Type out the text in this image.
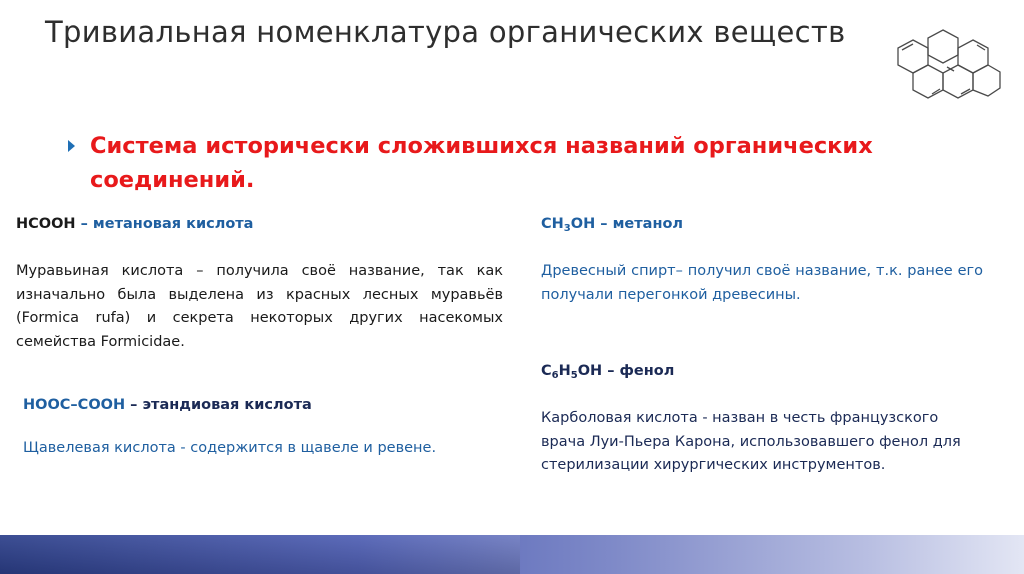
Тривиальная номенклатура органических веществ
Система исторически сложившихся названий органических соединений.

HCOOH – метановая кислота

Муравьиная кислота – получила своё название, так как изначально была выделена из красных лесных муравьёв (Formica rufa) и секрета некоторых других насекомых семейства Formicidae.

HOOC–COOH – этандиовая кислота

Щавелевая кислота - содержится в щавеле и ревене.

$CH_3OH$ – метанол

Древесный спирт– получил своё название, т.к. ранее его получали перегонкой древесины.

$C_6H_5OH$ – фенол

Карболовая кислота - назван в честь французского врача Луи-Пьера Карона, использовавшего фенол для стерилизации хирургических инструментов.
